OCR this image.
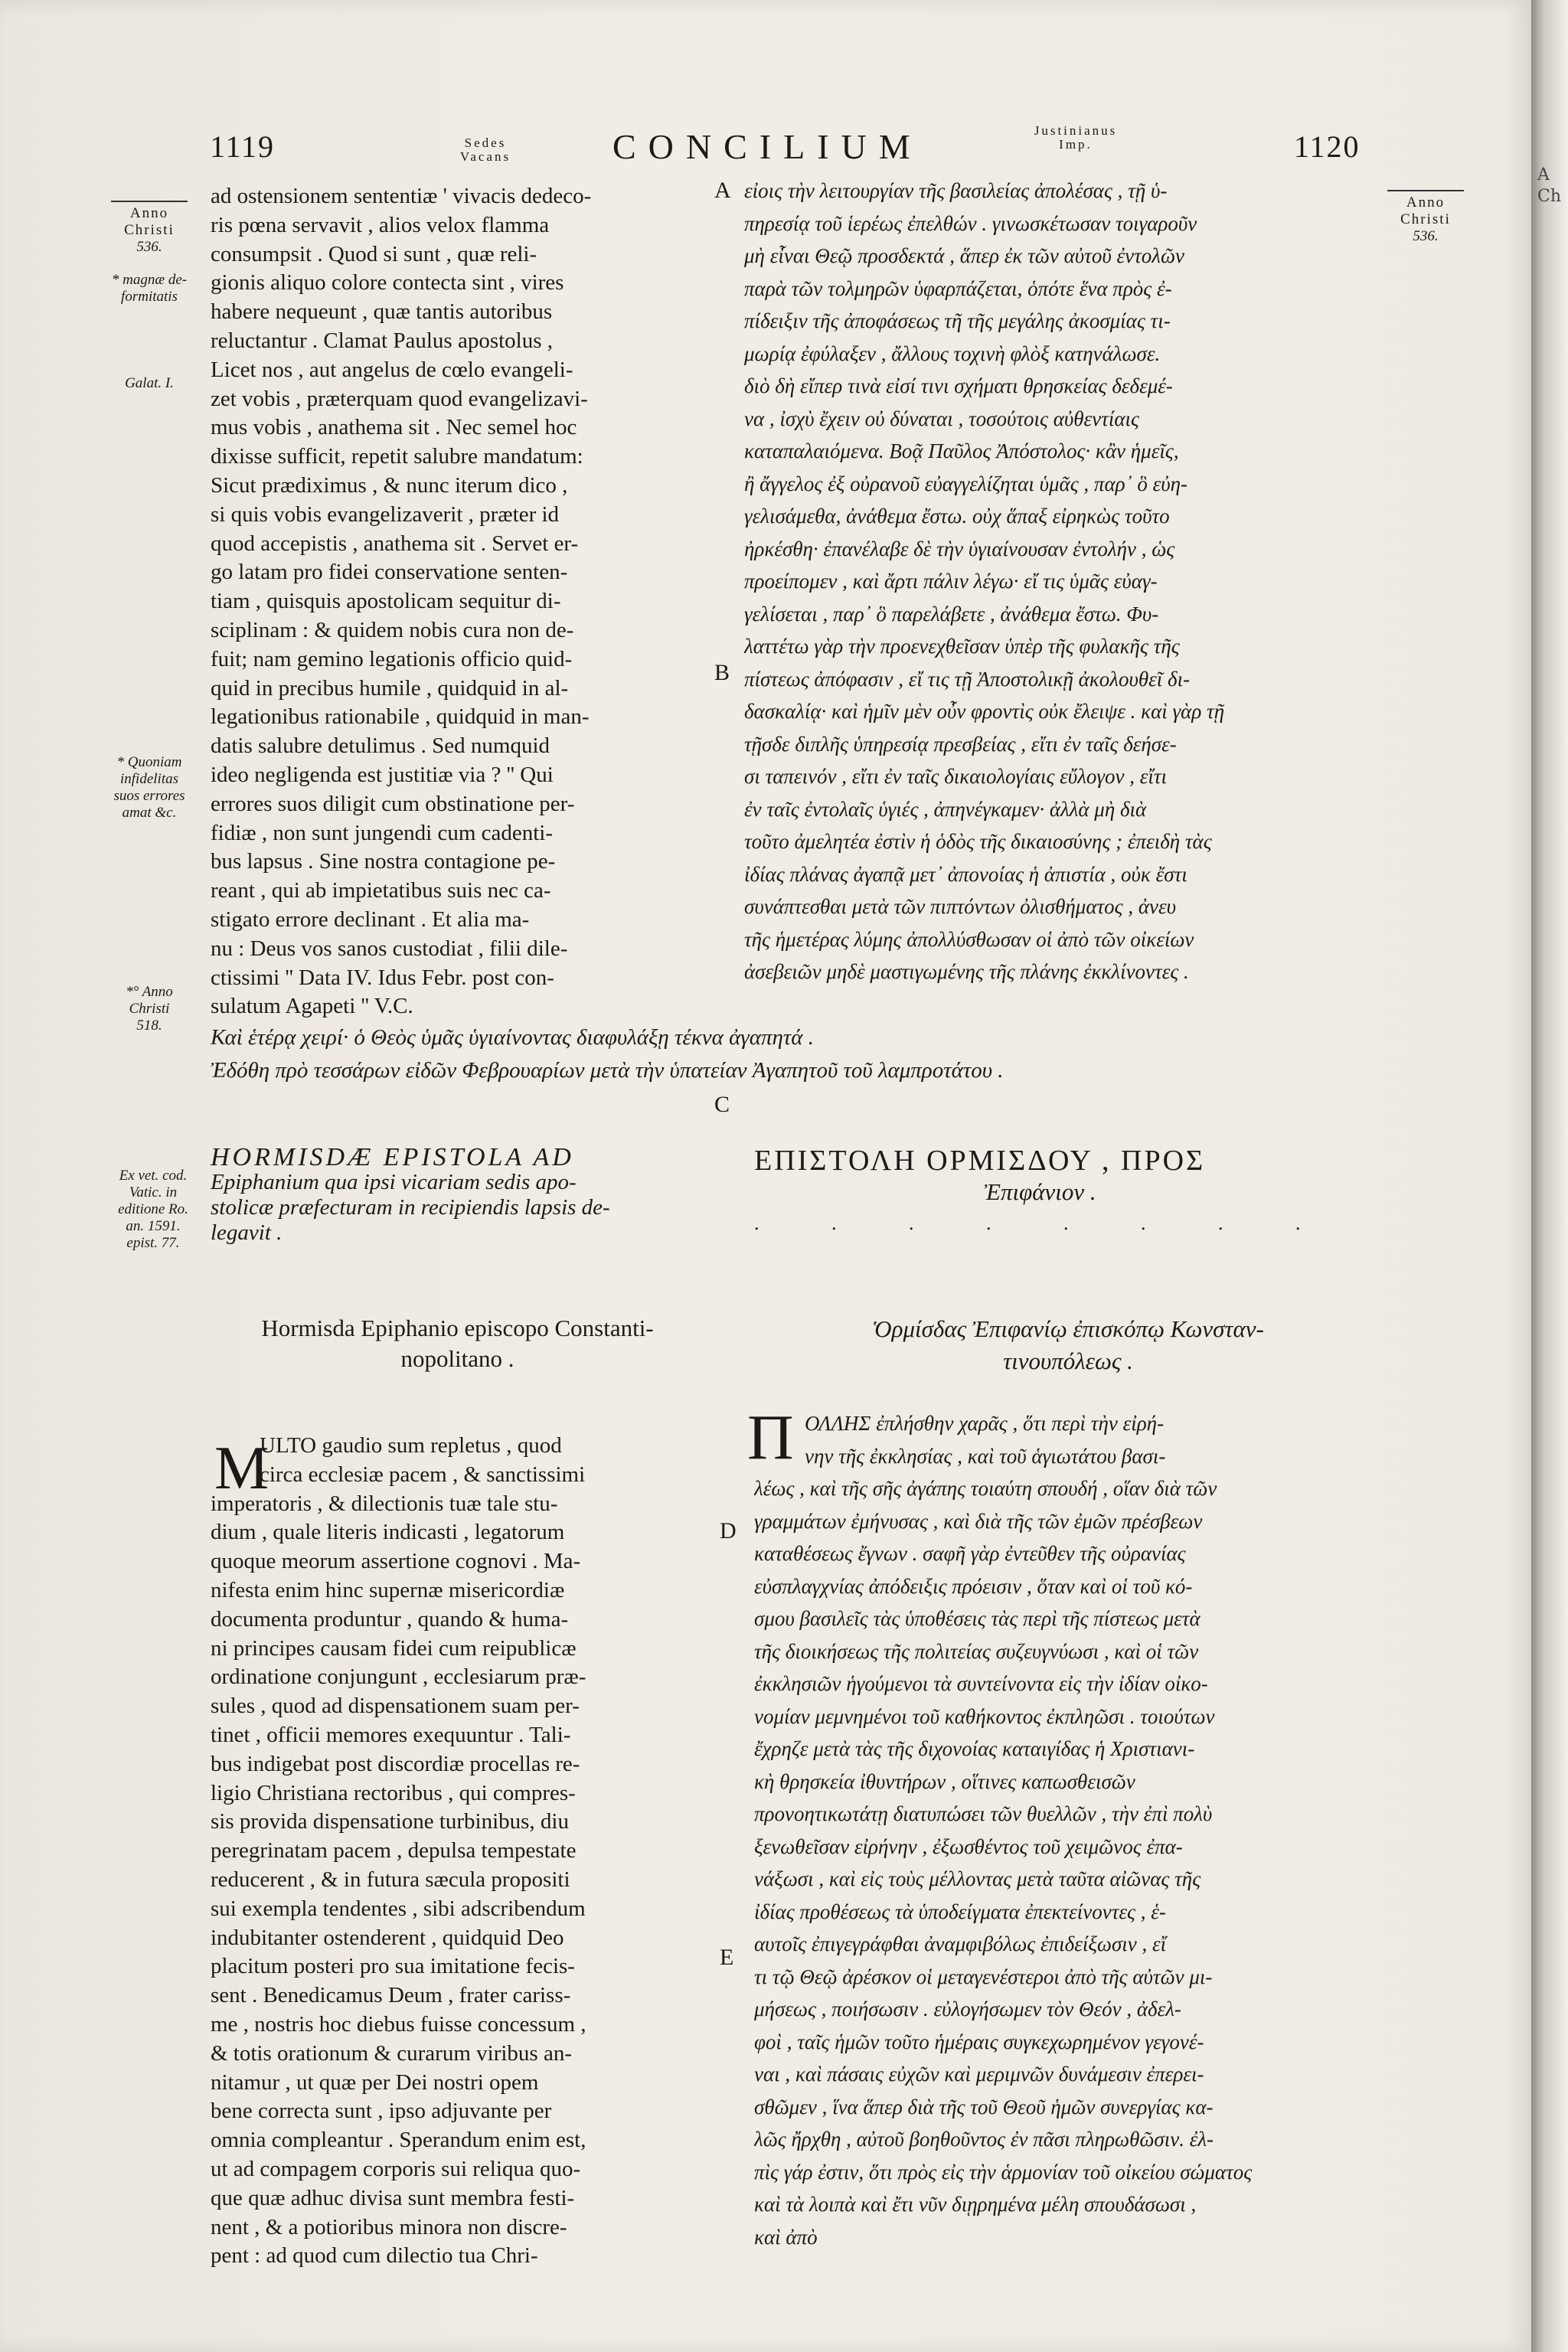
1119	Sedes
Vacans	CONCILIUM	Justinianus
Imp.	1120
Anno
Christi
536.
* magnæ de-
formitatis
Galat. I.
* Quoniam
infidelitas
suos errores
amat &c.
*° Anno
Christi
518.
Ex vet. cod.
Vatic. in
editione Ro.
an. 1591.
epist. 77.
Anno
Christi
536.
A
B
C
D
E
ad ostensionem sententiæ ' vivacis dedeco-
ris pœna servavit , alios velox flamma
consumpsit . Quod si sunt , quæ reli-
gionis aliquo colore contecta sint , vires
habere nequeunt , quæ tantis autoribus
reluctantur . Clamat Paulus apostolus ,
Licet nos , aut angelus de cœlo evangeli-
zet vobis , præterquam quod evangelizavi-
mus vobis , anathema sit . Nec semel hoc
dixisse sufficit, repetit salubre mandatum:
Sicut prædiximus , & nunc iterum dico ,
si quis vobis evangelizaverit , præter id
quod accepistis , anathema sit . Servet er-
go latam pro fidei conservatione senten-
tiam , quisquis apostolicam sequitur di-
sciplinam : & quidem nobis cura non de-
fuit; nam gemino legationis officio quid-
quid in precibus humile , quidquid in al-
legationibus rationabile , quidquid in man-
datis salubre detulimus . Sed numquid
ideo negligenda est justitiæ via ? '' Qui
errores suos diligit cum obstinatione per-
fidiæ , non sunt jungendi cum cadenti-
bus lapsus . Sine nostra contagione pe-
reant , qui ab impietatibus suis nec ca-
stigato errore declinant . Et alia ma-
nu : Deus vos sanos custodiat , filii dile-
ctissimi '' Data IV. Idus Febr. post con-
sulatum Agapeti '' V.C.
εἰοις τὴν λειτουργίαν τῆς βασιλείας ἀπολέσας , τῇ ὑ-
πηρεσίᾳ τοῦ ἱερέως ἐπελθών . γινωσκέτωσαν τοιγαροῦν
μὴ εἶναι Θεῷ προσδεκτά , ἅπερ ἐκ τῶν αὐτοῦ ἐντολῶν
παρὰ τῶν τολμηρῶν ὑφαρπάζεται, ὁπότε ἕνα πρὸς ἐ-
πίδειξιν τῆς ἀποφάσεως τῆ τῆς μεγάλης ἀκοσμίας τι-
μωρίᾳ ἐφύλαξεν , ἄλλους τοχινὴ φλὸξ κατηνάλωσε.
διὸ δὴ εἴπερ τινὰ εἰσί τινι σχήματι θρησκείας δεδεμέ-
να , ἰσχὺ ἔχειν οὐ δύναται , τοσούτοις αὐθεντίαις
καταπαλαιόμενα. Βοᾷ Παῦλος Ἀπόστολος· κἂν ἡμεῖς,
ἢ ἄγγελος ἐξ οὐρανοῦ εὐαγγελίζηται ὑμᾶς , παρ᾽ ὃ εὐη-
γελισάμεθα, ἀνάθεμα ἔστω. οὐχ ἅπαξ εἰρηκὼς τοῦτο
ἠρκέσθη· ἐπανέλαβε δὲ τὴν ὑγιαίνουσαν ἐντολήν , ὡς
προείπομεν , καὶ ἄρτι πάλιν λέγω· εἴ τις ὑμᾶς εὐαγ-
γελίσεται , παρ᾽ ὃ παρελάβετε , ἀνάθεμα ἔστω. Φυ-
λαττέτω γὰρ τὴν προενεχθεῖσαν ὑπὲρ τῆς φυλακῆς τῆς
πίστεως ἀπόφασιν , εἴ τις τῇ Ἀποστολικῇ ἀκολουθεῖ δι-
δασκαλίᾳ· καὶ ἡμῖν μὲν οὖν φροντὶς οὐκ ἔλειψε . καὶ γὰρ τῇ
τῇσδε διπλῆς ὑπηρεσίᾳ πρεσβείας , εἴτι ἐν ταῖς δεήσε-
σι ταπεινόν , εἴτι ἐν ταῖς δικαιολογίαις εὔλογον , εἴτι
ἐν ταῖς ἐντολαῖς ὑγιές , ἀπηνέγκαμεν· ἀλλὰ μὴ διὰ
τοῦτο ἀμελητέα ἐστὶν ἡ ὁδὸς τῆς δικαιοσύνης ; ἐπειδὴ τὰς
ἰδίας πλάνας ἀγαπᾷ μετ᾽ ἀπονοίας ἡ ἀπιστία , οὐκ ἔστι
συνάπτεσθαι μετὰ τῶν πιπτόντων ὀλισθήματος , ἀνευ
τῆς ἡμετέρας λύμης ἀπολλύσθωσαν οἱ ἀπὸ τῶν οἰκείων
ἀσεβειῶν μηδὲ μαστιγωμένης τῆς πλάνης ἐκκλίνοντες .
Καὶ ἑτέρᾳ χειρί· ὁ Θεὸς ὑμᾶς ὑγιαίνοντας διαφυλάξῃ τέκνα ἀγαπητά .
Ἐδόθη πρὸ τεσσάρων εἰδῶν Φεβρουαρίων μετὰ τὴν ὑπατείαν Ἀγαπητοῦ τοῦ λαμπροτάτου .
HORMISDÆ EPISTOLA AD
Epiphanium qua ipsi vicariam sedis apo-
stolicæ præfecturam in recipiendis lapsis de-
legavit .
ΕΠΙΣΤΟΛΗ ΟΡΜΙΣΔΟΥ , ΠΡΟΣ
Ἐπιφάνιον .
. . . . . . . .
Hormisda Epiphanio episcopo Constanti-
nopolitano .
Ὁρμίσδας Ἐπιφανίῳ ἐπισκόπῳ Κωνσταν-
τινουπόλεως .
M
ULTO gaudio sum repletus , quod
circa ecclesiæ pacem , & sanctissimi
imperatoris , & dilectionis tuæ tale stu-
dium , quale literis indicasti , legatorum
quoque meorum assertione cognovi . Ma-
nifesta enim hinc supernæ misericordiæ
documenta produntur , quando & huma-
ni principes causam fidei cum reipublicæ
ordinatione conjungunt , ecclesiarum præ-
sules , quod ad dispensationem suam per-
tinet , officii memores exequuntur . Tali-
bus indigebat post discordiæ procellas re-
ligio Christiana rectoribus , qui compres-
sis provida dispensatione turbinibus, diu
peregrinatam pacem , depulsa tempestate
reducerent , & in futura sæcula propositi
sui exempla tendentes , sibi adscribendum
indubitanter ostenderent , quidquid Deo
placitum posteri pro sua imitatione fecis-
sent . Benedicamus Deum , frater cariss-
me , nostris hoc diebus fuisse concessum ,
& totis orationum & curarum viribus an-
nitamur , ut quæ per Dei nostri opem
bene correcta sunt , ipso adjuvante per
omnia compleantur . Sperandum enim est,
ut ad compagem corporis sui reliqua quo-
que quæ adhuc divisa sunt membra festi-
nent , & a potioribus minora non discre-
pent : ad quod cum dilectio tua Chri-
Π ΟΛΛΗΣ ἐπλήσθην χαρᾶς , ὅτι περὶ τὴν εἰρή-
νην τῆς ἐκκλησίας , καὶ τοῦ ἁγιωτάτου βασι-
λέως , καὶ τῆς σῆς ἀγάπης τοιαύτη σπουδή , οἵαν διὰ τῶν
γραμμάτων ἐμήνυσας , καὶ διὰ τῆς τῶν ἐμῶν πρέσβεων
καταθέσεως ἔγνων . σαφῆ γὰρ ἐντεῦθεν τῆς οὐρανίας
εὐσπλαγχνίας ἀπόδειξις πρόεισιν , ὅταν καὶ οἱ τοῦ κό-
σμου βασιλεῖς τὰς ὑποθέσεις τὰς περὶ τῆς πίστεως μετὰ
τῆς διοικήσεως τῆς πολιτείας συζευγνύωσι , καὶ οἱ τῶν
ἐκκλησιῶν ἡγούμενοι τὰ συντείνοντα εἰς τὴν ἰδίαν οἰκο-
νομίαν μεμνημένοι τοῦ καθήκοντος ἐκπληῶσι . τοιούτων
ἔχρηζε μετὰ τὰς τῆς διχονοίας καταιγίδας ἡ Χριστιανι-
κὴ θρησκεία ἰθυντήρων , οἵτινες καπωσθεισῶν
προνοητικωτάτῃ διατυπώσει τῶν θυελλῶν , τὴν ἐπὶ πολὺ
ξενωθεῖσαν εἰρήνην , ἐξωσθέντος τοῦ χειμῶνος ἐπα-
νάξωσι , καὶ εἰς τοὺς μέλλοντας μετὰ ταῦτα αἰῶνας τῆς
ἰδίας προθέσεως τὰ ὑποδείγματα ἐπεκτείνοντες , ἑ-
αυτοῖς ἐπιγεγράφθαι ἀναμφιβόλως ἐπιδείξωσιν , εἴ
τι τῷ Θεῷ ἀρέσκον οἱ μεταγενέστεροι ἀπὸ τῆς αὐτῶν μι-
μήσεως , ποιήσωσιν . εὐλογήσωμεν τὸν Θεόν , ἀδελ-
φοὶ , ταῖς ἡμῶν τοῦτο ἡμέραις συγκεχωρημένον γεγονέ-
ναι , καὶ πάσαις εὐχῶν καὶ μεριμνῶν δυνάμεσιν ἐπερει-
σθῶμεν , ἵνα ἅπερ διὰ τῆς τοῦ Θεοῦ ἡμῶν συνεργίας κα-
λῶς ἤρχθη , αὐτοῦ βοηθοῦντος ἐν πᾶσι πληρωθῶσιν. ἐλ-
πὶς γάρ ἐστιν, ὅτι πρὸς εἰς τὴν ἁρμονίαν τοῦ οἰκείου σώματος
καὶ τὰ λοιπὰ καὶ ἔτι νῦν διῃρημένα μέλη σπουδάσωσι ,
καὶ ἀπὸ
A
Ch
